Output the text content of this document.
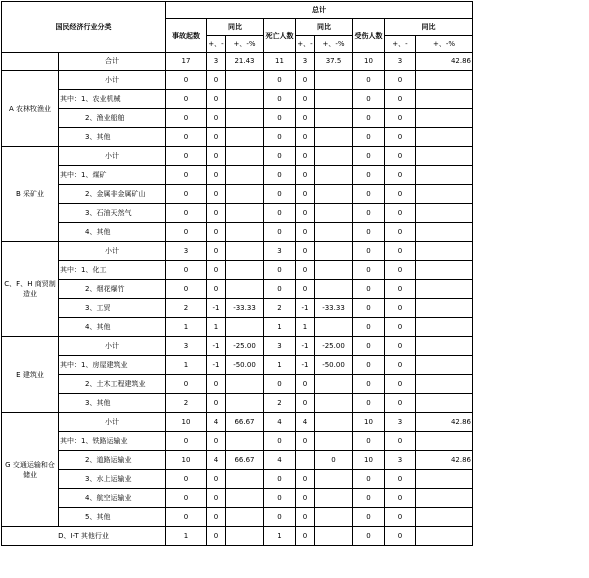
国民经济行业分类		总计									
		事故起数	同比		死亡人数	同比		受伤人数	同比		
			+、-	+、-%		+、-	+、-%		+、-	+、-%	
	合计	17	3	21.43	11	3	37.5	10	3	42.86	
A 农林牧渔业	小计	0	0		0	0		0	0		
	其中：1、农业机械	0	0		0	0		0	0		
	2、渔业船舶	0	0		0	0		0	0		
	3、其他	0	0		0	0		0	0		
B 采矿业	小计	0	0		0	0		0	0		
	其中：1、煤矿	0	0		0	0		0	0		
	2、金属非金属矿山	0	0		0	0		0	0		
	3、石油天然气	0	0		0	0		0	0		
	4、其他	0	0		0	0		0	0		
C、F、H 商贸制造业	小计	3	0		3	0		0	0		
	其中：1、化工	0	0		0	0		0	0		
	2、烟花爆竹	0	0		0	0		0	0		
	3、工贸	2	-1	-33.33	2	-1	-33.33	0	0		
	4、其他	1	1		1	1		0	0		
E 建筑业	小计	3	-1	-25.00	3	-1	-25.00	0	0		
	其中：1、房屋建筑业	1	-1	-50.00	1	-1	-50.00	0	0		
	2、土木工程建筑业	0	0		0	0		0	0		
	3、其他	2	0		2	0		0	0		
G 交通运输和仓储业	小计	10	4	66.67	4	4		10	3	42.86	
	其中：1、铁路运输业	0	0		0	0		0	0		
	2、道路运输业	10	4	66.67	4		0	10	3	42.86	
	3、水上运输业	0	0		0	0		0	0		
	4、航空运输业	0	0		0	0		0	0		
	5、其他	0	0		0	0		0	0		
D、I-T 其他行业		1	0		1	0		0	0		
